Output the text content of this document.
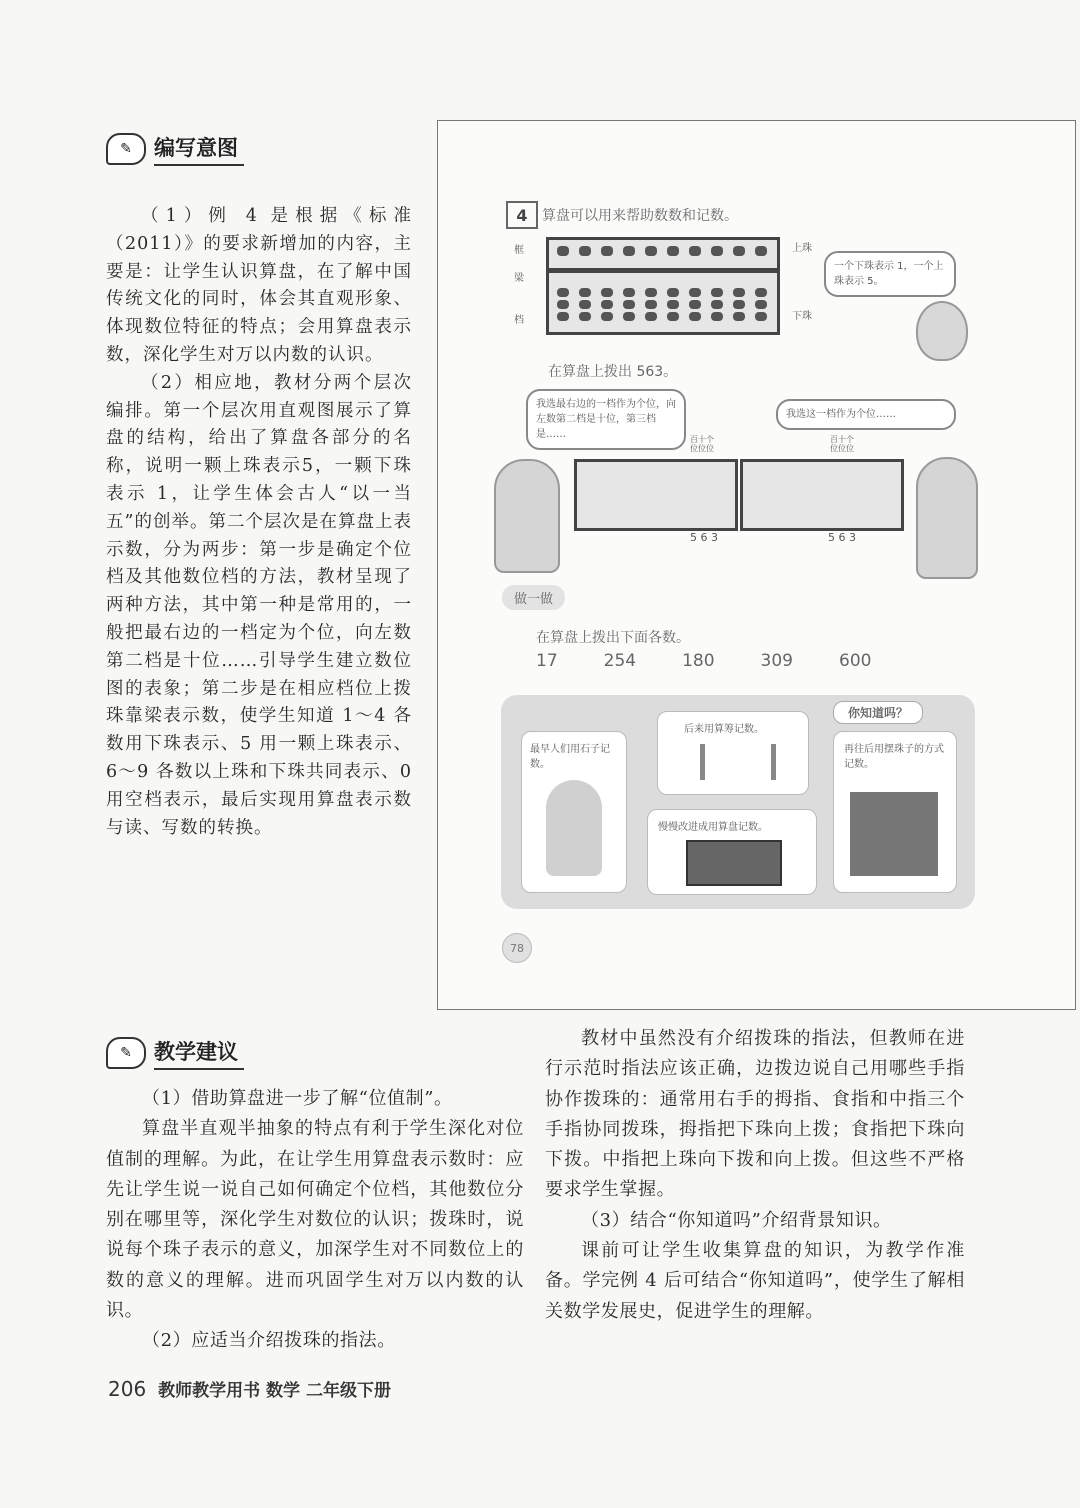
✎	编写意图

（1）例 4 是根据《标准（2011）》的要求新增加的内容，主要是：让学生认识算盘，在了解中国传统文化的同时，体会其直观形象、体现数位特征的特点；会用算盘表示数，深化学生对万以内数的认识。

（2）相应地，教材分两个层次编排。第一个层次用直观图展示了算盘的结构，给出了算盘各部分的名称，说明一颗上珠表示5，一颗下珠表示 1，让学生体会古人“以一当五”的创举。第二个层次是在算盘上表示数，分为两步：第一步是确定个位档及其他数位档的方法，教材呈现了两种方法，其中第一种是常用的，一般把最右边的一档定为个位，向左数第二档是十位……引导学生建立数位图的表象；第二步是在相应档位上拨珠靠梁表示数，使学生知道 1～4 各数用下珠表示、5 用一颗上珠表示、6～9 各数以上珠和下珠共同表示、0 用空档表示，最后实现用算盘表示数与读、写数的转换。

4	算盘可以用来帮助数数和记数。
框
梁
档
上珠
下珠
一个下珠表示 1，一个上珠表示 5。
在算盘上拨出 563。
我选最右边的一档作为个位，向左数第二档是十位，第三档是……
我选这一档作为个位……
百十个
位位位
百十个
位位位
5 6 3	5 6 3
做一做
在算盘上拨出下面各数。
17	254	180	309	600
你知道吗？
最早人们用石子记数。
后来用算筹记数。
再往后用摆珠子的方式记数。
慢慢改进成用算盘记数。
78
✎	教学建议

（1）借助算盘进一步了解“位值制”。

算盘半直观半抽象的特点有利于学生深化对位值制的理解。为此，在让学生用算盘表示数时：应先让学生说一说自己如何确定个位档，其他数位分别在哪里等，深化学生对数位的认识；拨珠时，说说每个珠子表示的意义，加深学生对不同数位上的数的意义的理解。进而巩固学生对万以内数的认识。

（2）应适当介绍拨珠的指法。

教材中虽然没有介绍拨珠的指法，但教师在进行示范时指法应该正确，边拨边说自己用哪些手指协作拨珠的：通常用右手的拇指、食指和中指三个手指协同拨珠，拇指把下珠向上拨；食指把下珠向下拨。中指把上珠向下拨和向上拨。但这些不严格要求学生掌握。

（3）结合“你知道吗”介绍背景知识。

课前可让学生收集算盘的知识，为教学作准备。学完例 4 后可结合“你知道吗”，使学生了解相关数学发展史，促进学生的理解。

206 教师教学用书 数学 二年级下册
